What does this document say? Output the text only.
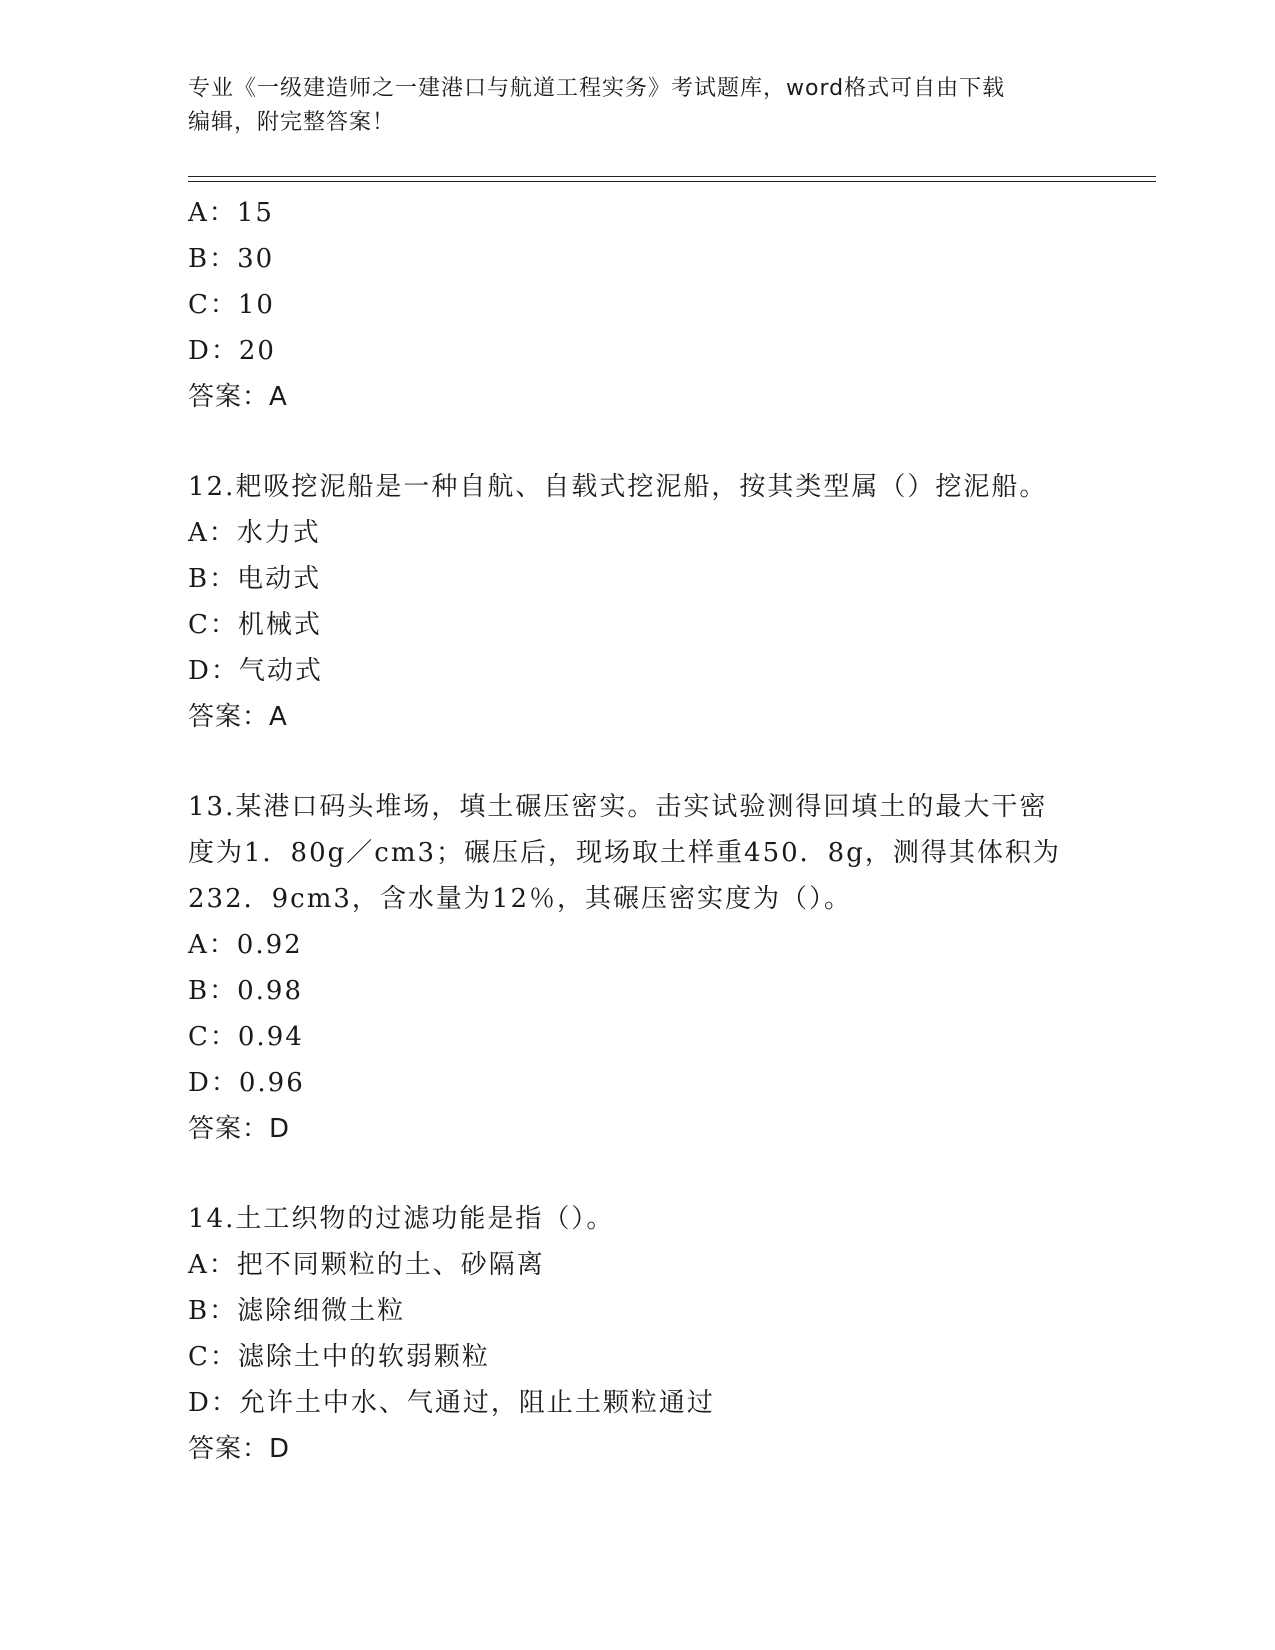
专业《一级建造师之一建港口与航道工程实务》考试题库，word格式可自由下载
编辑，附完整答案！
A：15
B：30
C：10
D：20
答案：A
12.耙吸挖泥船是一种自航、自载式挖泥船，按其类型属（）挖泥船。
A：水力式
B：电动式
C：机械式
D：气动式
答案：A
13.某港口码头堆场，填土碾压密实。击实试验测得回填土的最大干密
度为1．80g／cm3；碾压后，现场取土样重450．8g，测得其体积为
232．9cm3，含水量为12％，其碾压密实度为（）。
A：0.92
B：0.98
C：0.94
D：0.96
答案：D
14.土工织物的过滤功能是指（）。
A：把不同颗粒的土、砂隔离
B：滤除细微土粒
C：滤除土中的软弱颗粒
D：允许土中水、气通过，阻止土颗粒通过
答案：D
